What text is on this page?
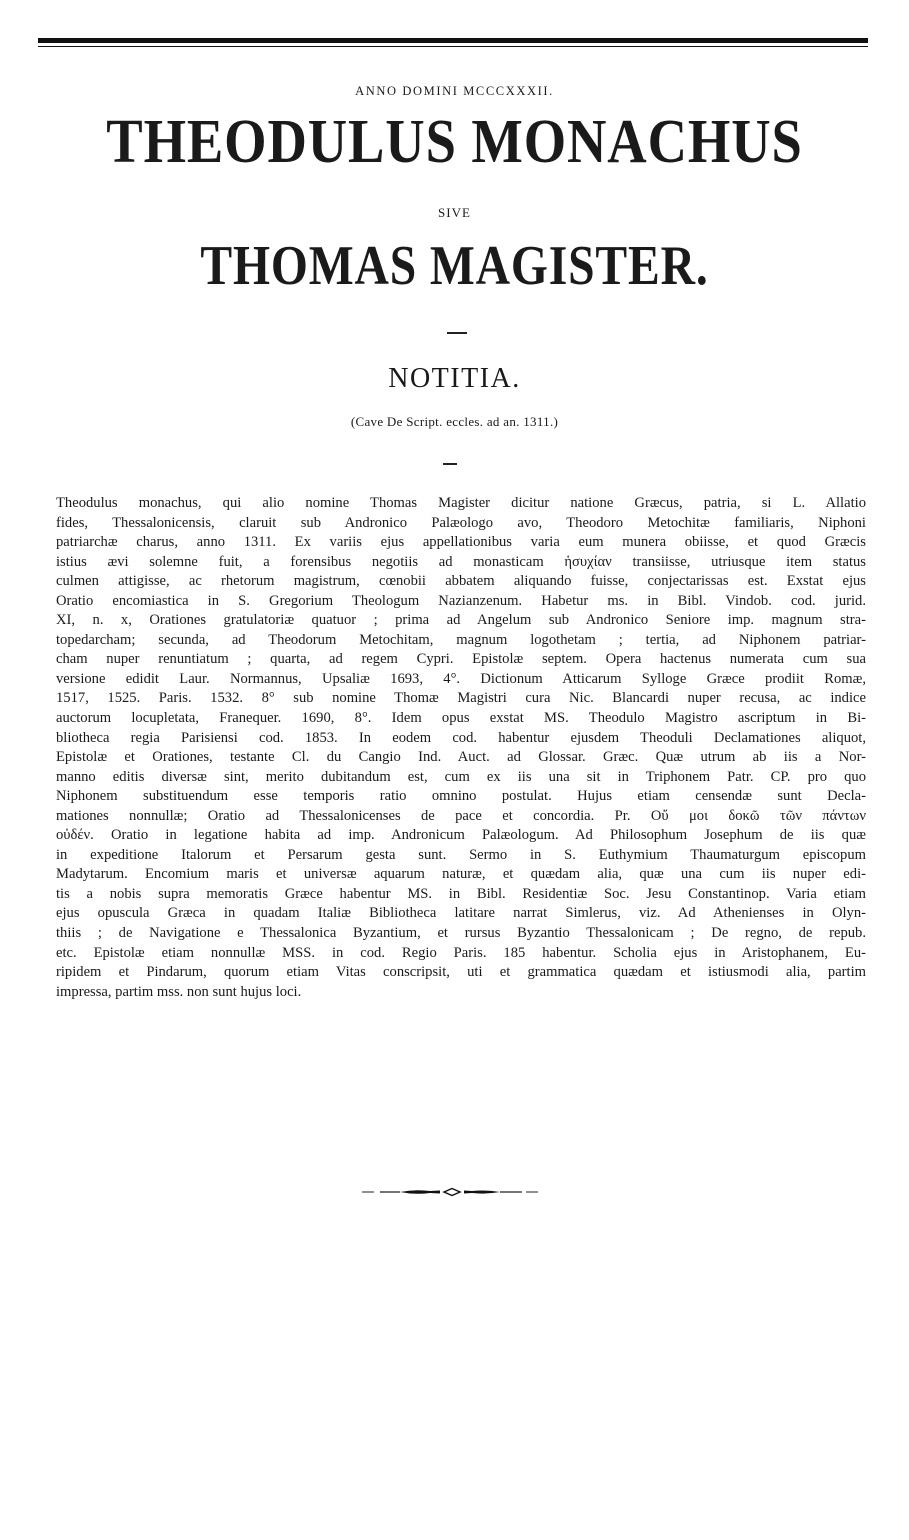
ANNO DOMINI MCCCXXXII.
THEODULUS MONACHUS
SIVE
THOMAS MAGISTER.
NOTITIA.
(Cave De Script. eccles. ad an. 1311.)
Theodulus monachus, qui alio nomine Thomas Magister dicitur natione Græcus, patria, si L. Allatio
fides, Thessalonicensis, claruit sub Andronico Palæologo avo, Theodoro Metochitæ familiaris, Niphoni
patriarchæ charus, anno 1311. Ex variis ejus appellationibus varia eum munera obiisse, et quod Græcis
istius ævi solemne fuit, a forensibus negotiis ad monasticam ἡσυχίαν transiisse, utriusque item status
culmen attigisse, ac rhetorum magistrum, cœnobii abbatem aliquando fuisse, conjectarissas est. Exstat ejus
Oratio encomiastica in S. Gregorium Theologum Nazianzenum. Habetur ms. in Bibl. Vindob. cod. jurid.
XI, n. x, Orationes gratulatoriæ quatuor ; prima ad Angelum sub Andronico Seniore imp. magnum stra-
topedarcham; secunda, ad Theodorum Metochitam, magnum logothetam ; tertia, ad Niphonem patriar-
cham nuper renuntiatum ; quarta, ad regem Cypri. Epistolæ septem. Opera hactenus numerata cum sua
versione edidit Laur. Normannus, Upsaliæ 1693, 4°. Dictionum Atticarum Sylloge Græce prodiit Romæ,
1517, 1525. Paris. 1532. 8° sub nomine Thomæ Magistri cura Nic. Blancardi nuper recusa, ac indice
auctorum locupletata, Franequer. 1690, 8°. Idem opus exstat MS. Theodulo Magistro ascriptum in Bi-
bliotheca regia Parisiensi cod. 1853. In eodem cod. habentur ejusdem Theoduli Declamationes aliquot,
Epistolæ et Orationes, testante Cl. du Cangio Ind. Auct. ad Glossar. Græc. Quæ utrum ab iis a Nor-
manno editis diversæ sint, merito dubitandum est, cum ex iis una sit in Triphonem Patr. CP. pro quo
Niphonem substituendum esse temporis ratio omnino postulat. Hujus etiam censendæ sunt Decla-
mationes nonnullæ; Oratio ad Thessalonicenses de pace et concordia. Pr. Οὔ μοι δοκῶ τῶν πάντων
οὐδέν. Oratio in legatione habita ad imp. Andronicum Palæologum. Ad Philosophum Josephum de iis quæ
in expeditione Italorum et Persarum gesta sunt. Sermo in S. Euthymium Thaumaturgum episcopum
Madytarum. Encomium maris et universæ aquarum naturæ, et quædam alia, quæ una cum iis nuper edi-
tis a nobis supra memoratis Græce habentur MS. in Bibl. Residentiæ Soc. Jesu Constantinop. Varia etiam
ejus opuscula Græca in quadam Italiæ Bibliotheca latitare narrat Simlerus, viz. Ad Athenienses in Olyn-
thiis ; de Navigatione e Thessalonica Byzantium, et rursus Byzantio Thessalonicam ; De regno, de repub.
etc. Epistolæ etiam nonnullæ MSS. in cod. Regio Paris. 185 habentur. Scholia ejus in Aristophanem, Eu-
ripidem et Pindarum, quorum etiam Vitas conscripsit, uti et grammatica quædam et istiusmodi alia, partim
impressa, partim mss. non sunt hujus loci.
